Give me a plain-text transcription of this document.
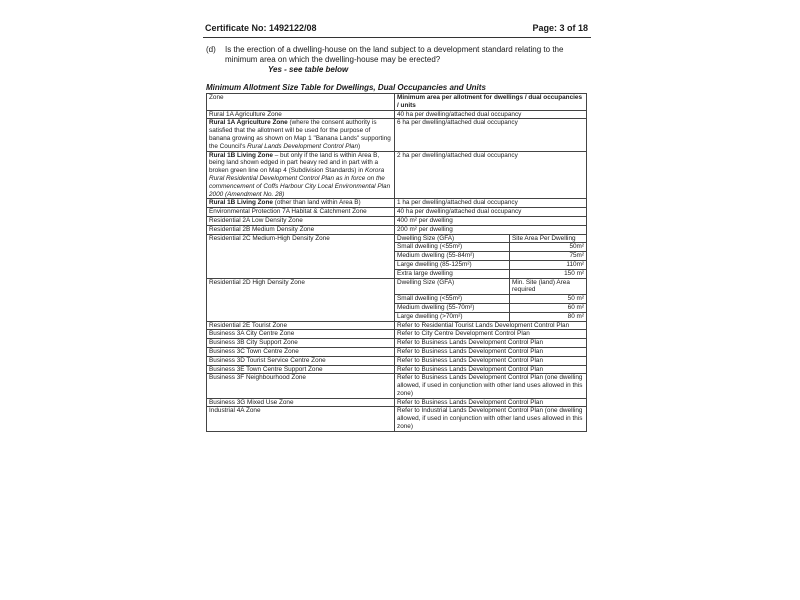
Certificate No: 1492122/08	Page: 3 of 18
(d) Is the erection of a dwelling-house on the land subject to a development standard relating to the minimum area on which the dwelling-house may be erected?
Yes - see table below
Minimum Allotment Size Table for Dwellings, Dual Occupancies and Units
Zone	Minimum area per allotment for dwellings / dual occupancies / units	
Rural 1A Agriculture Zone	40 ha per dwelling/attached dual occupancy	
Rural 1A Agriculture Zone (where the consent authority is satisfied that the allotment will be used for the purpose of banana growing as shown on Map 1 "Banana Lands" supporting the Council's Rural Lands Development Control Plan)	6 ha per dwelling/attached dual occupancy	
Rural 1B Living Zone – but only if the land is within Area B, being land shown edged in part heavy red and in part with a broken green line on Map 4 (Subdivision Standards) in Korora Rural Residential Development Control Plan as in force on the commencement of Coffs Harbour City Local Environmental Plan 2000 (Amendment No. 28)	2 ha per dwelling/attached dual occupancy	
Rural 1B Living Zone (other than land within Area B)	1 ha per dwelling/attached dual occupancy	
Environmental Protection 7A Habitat & Catchment Zone	40 ha per dwelling/attached dual occupancy	
Residential 2A Low Density Zone	400 m² per dwelling	
Residential 2B Medium Density Zone	200 m² per dwelling	
Residential 2C Medium-High Density Zone	Dwelling Size (GFA)	Site Area Per Dwelling
	Small dwelling (<55m²)	50m²
	Medium dwelling (55-84m²)	75m²
	Large dwelling (85-125m²)	110m²
	Extra large dwelling	150 m²
Residential 2D High Density Zone	Dwelling Size (GFA)	Min. Site (land) Area required
	Small dwelling (<55m²)	50 m²
	Medium dwelling (55-70m²)	60 m²
	Large dwelling (>70m²)	80 m²
Residential 2E Tourist Zone	Refer to Residential Tourist Lands Development Control Plan	
Business 3A City Centre Zone	Refer to City Centre Development Control Plan	
Business 3B City Support Zone	Refer to Business Lands Development Control Plan	
Business 3C Town Centre Zone	Refer to Business Lands Development Control Plan	
Business 3D Tourist Service Centre Zone	Refer to Business Lands Development Control Plan	
Business 3E Town Centre Support Zone	Refer to Business Lands Development Control Plan	
Business 3F Neighbourhood Zone	Refer to Business Lands Development Control Plan (one dwelling allowed, if used in conjunction with other land uses allowed in this zone)	
Business 3G Mixed Use Zone	Refer to Business Lands Development Control Plan	
Industrial 4A Zone	Refer to Industrial Lands Development Control Plan (one dwelling allowed, if used in conjunction with other land uses allowed in this zone)	
